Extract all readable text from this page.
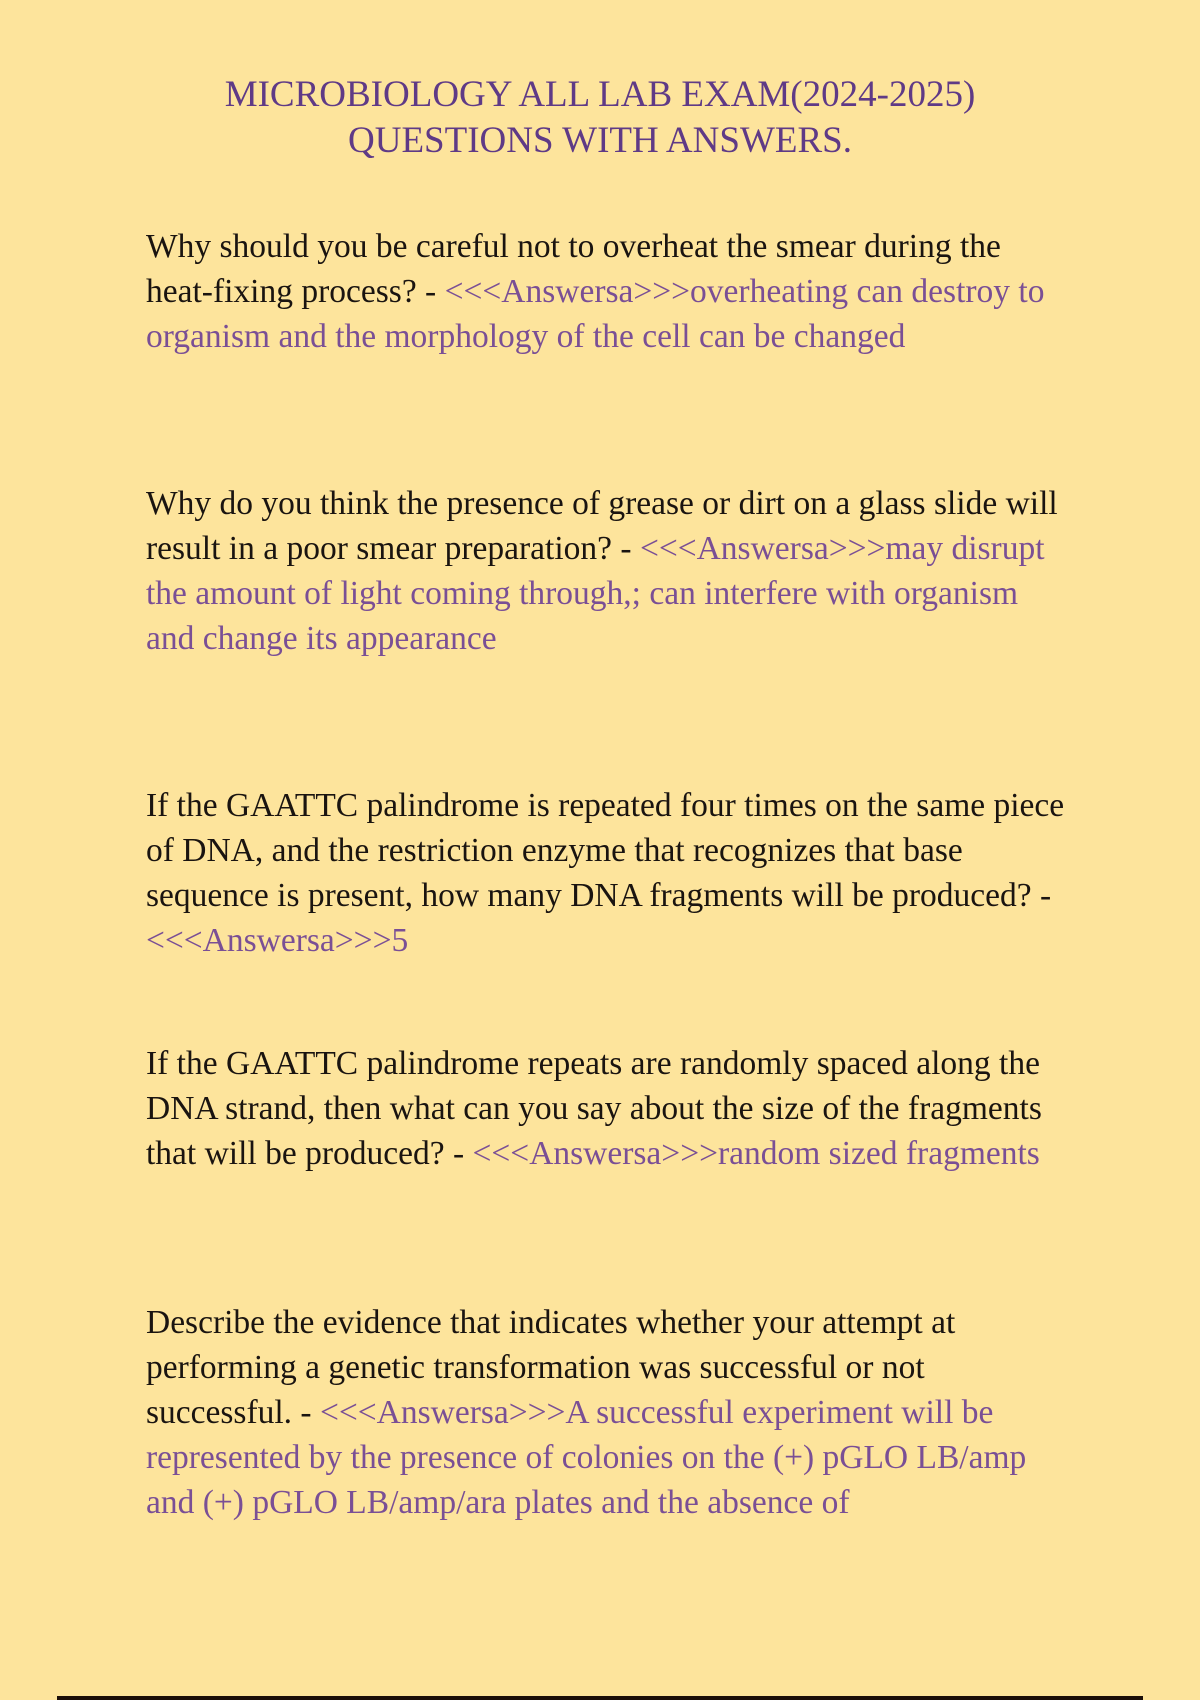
MICROBIOLOGY ALL LAB EXAM(2024-2025)
QUESTIONS WITH ANSWERS.
Why should you be careful not to overheat the smear during the heat-fixing process? - <<<Answersa>>>overheating can destroy to organism and the morphology of the cell can be changed
Why do you think the presence of grease or dirt on a glass slide will result in a poor smear preparation? - <<<Answersa>>>may disrupt the amount of light coming through,; can interfere with organism and change its appearance
If the GAATTC palindrome is repeated four times on the same piece of DNA, and the restriction enzyme that recognizes that base sequence is present, how many DNA fragments will be produced? - <<<Answersa>>>5
If the GAATTC palindrome repeats are randomly spaced along the DNA strand, then what can you say about the size of the fragments that will be produced? - <<<Answersa>>>random sized fragments
Describe the evidence that indicates whether your attempt at performing a genetic transformation was successful or not successful. - <<<Answersa>>>A successful experiment will be represented by the presence of colonies on the (+) pGLO LB/amp and (+) pGLO LB/amp/ara plates and the absence of
